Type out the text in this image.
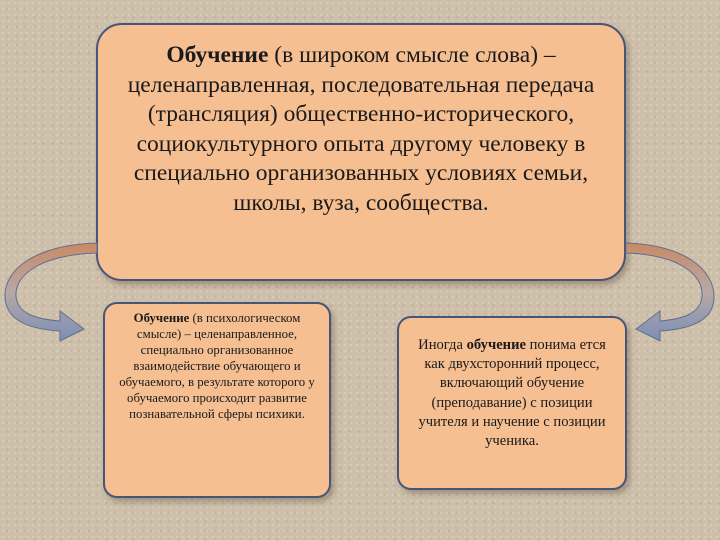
Обучение (в широком смысле слова) – целенаправленная, последовательная передача (трансляция) общественно-исторического, социокультурного опыта другому человеку в специально организованных условиях семьи, школы, вуза, сообщества.
Обучение (в психологическом смысле) – целенаправленное, специально организованное взаимодействие обучающего и обучаемого, в результате которого у обучаемого происходит развитие познавательной сферы психики.
Иногда обучение понима ется как двухсторонний процесс, включающий обучение (преподавание) с позиции учителя и научение с позиции ученика.
